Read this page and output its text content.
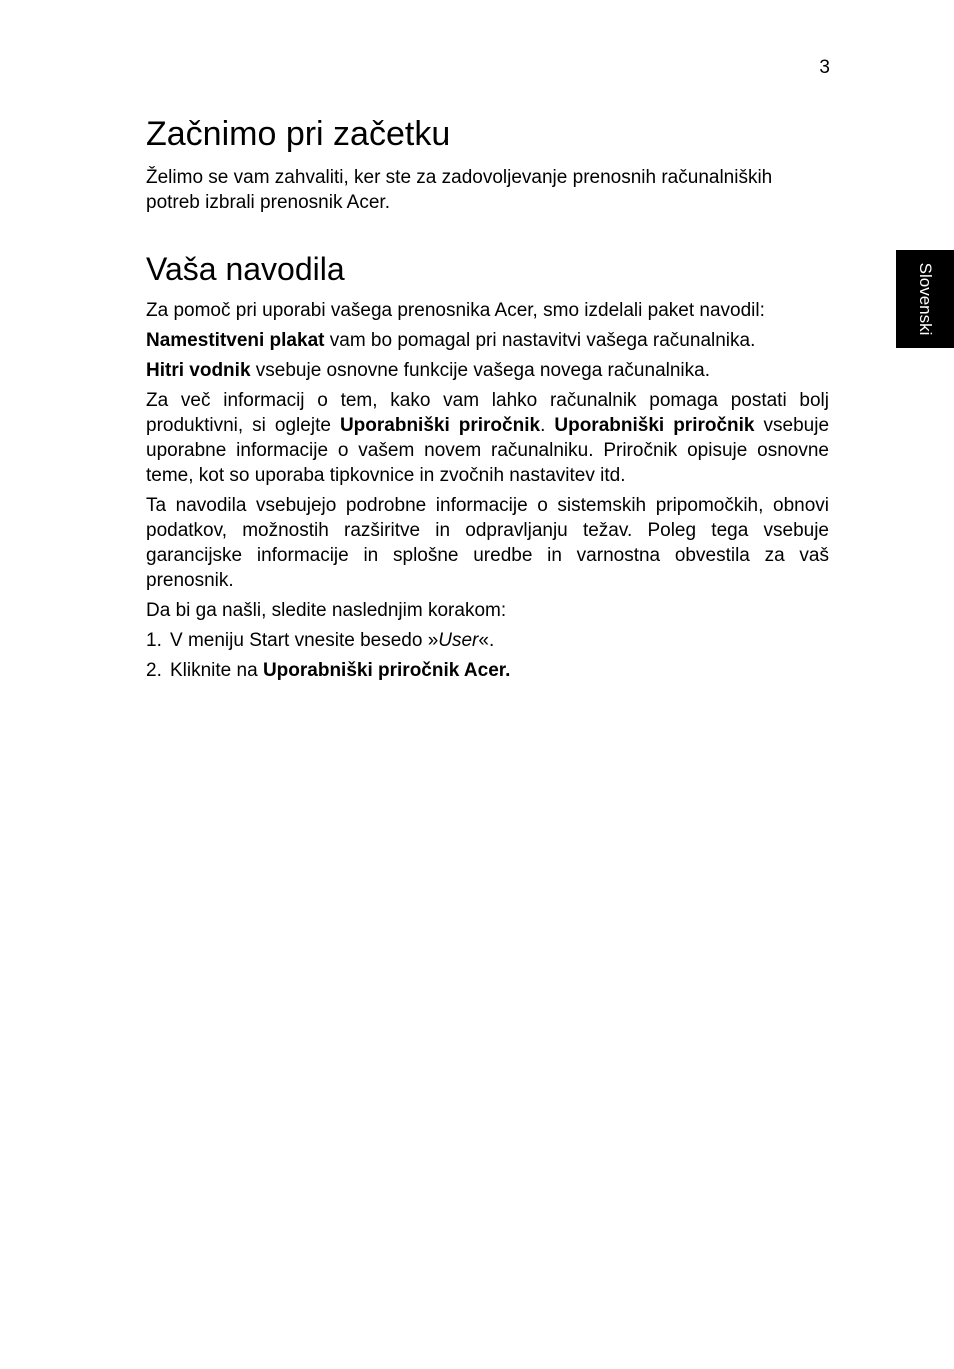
3
Slovenski
Začnimo pri začetku

Želimo se vam zahvaliti, ker ste za zadovoljevanje prenosnih računalniških potreb izbrali prenosnik Acer.

Vaša navodila

Za pomoč pri uporabi vašega prenosnika Acer, smo izdelali paket navodil:

Namestitveni plakat vam bo pomagal pri nastavitvi vašega računalnika.

Hitri vodnik vsebuje osnovne funkcije vašega novega računalnika.

Za več informacij o tem, kako vam lahko računalnik pomaga postati bolj produktivni, si oglejte Uporabniški priročnik. Uporabniški priročnik vsebuje uporabne informacije o vašem novem računalniku. Priročnik opisuje osnovne teme, kot so uporaba tipkovnice in zvočnih nastavitev itd.

Ta navodila vsebujejo podrobne informacije o sistemskih pripomočkih, obnovi podatkov, možnostih razširitve in odpravljanju težav. Poleg tega vsebuje garancijske informacije in splošne uredbe in varnostna obvestila za vaš prenosnik.

Da bi ga našli, sledite naslednjim korakom:

1. V meniju Start vnesite besedo »User«.
2. Kliknite na Uporabniški priročnik Acer.
